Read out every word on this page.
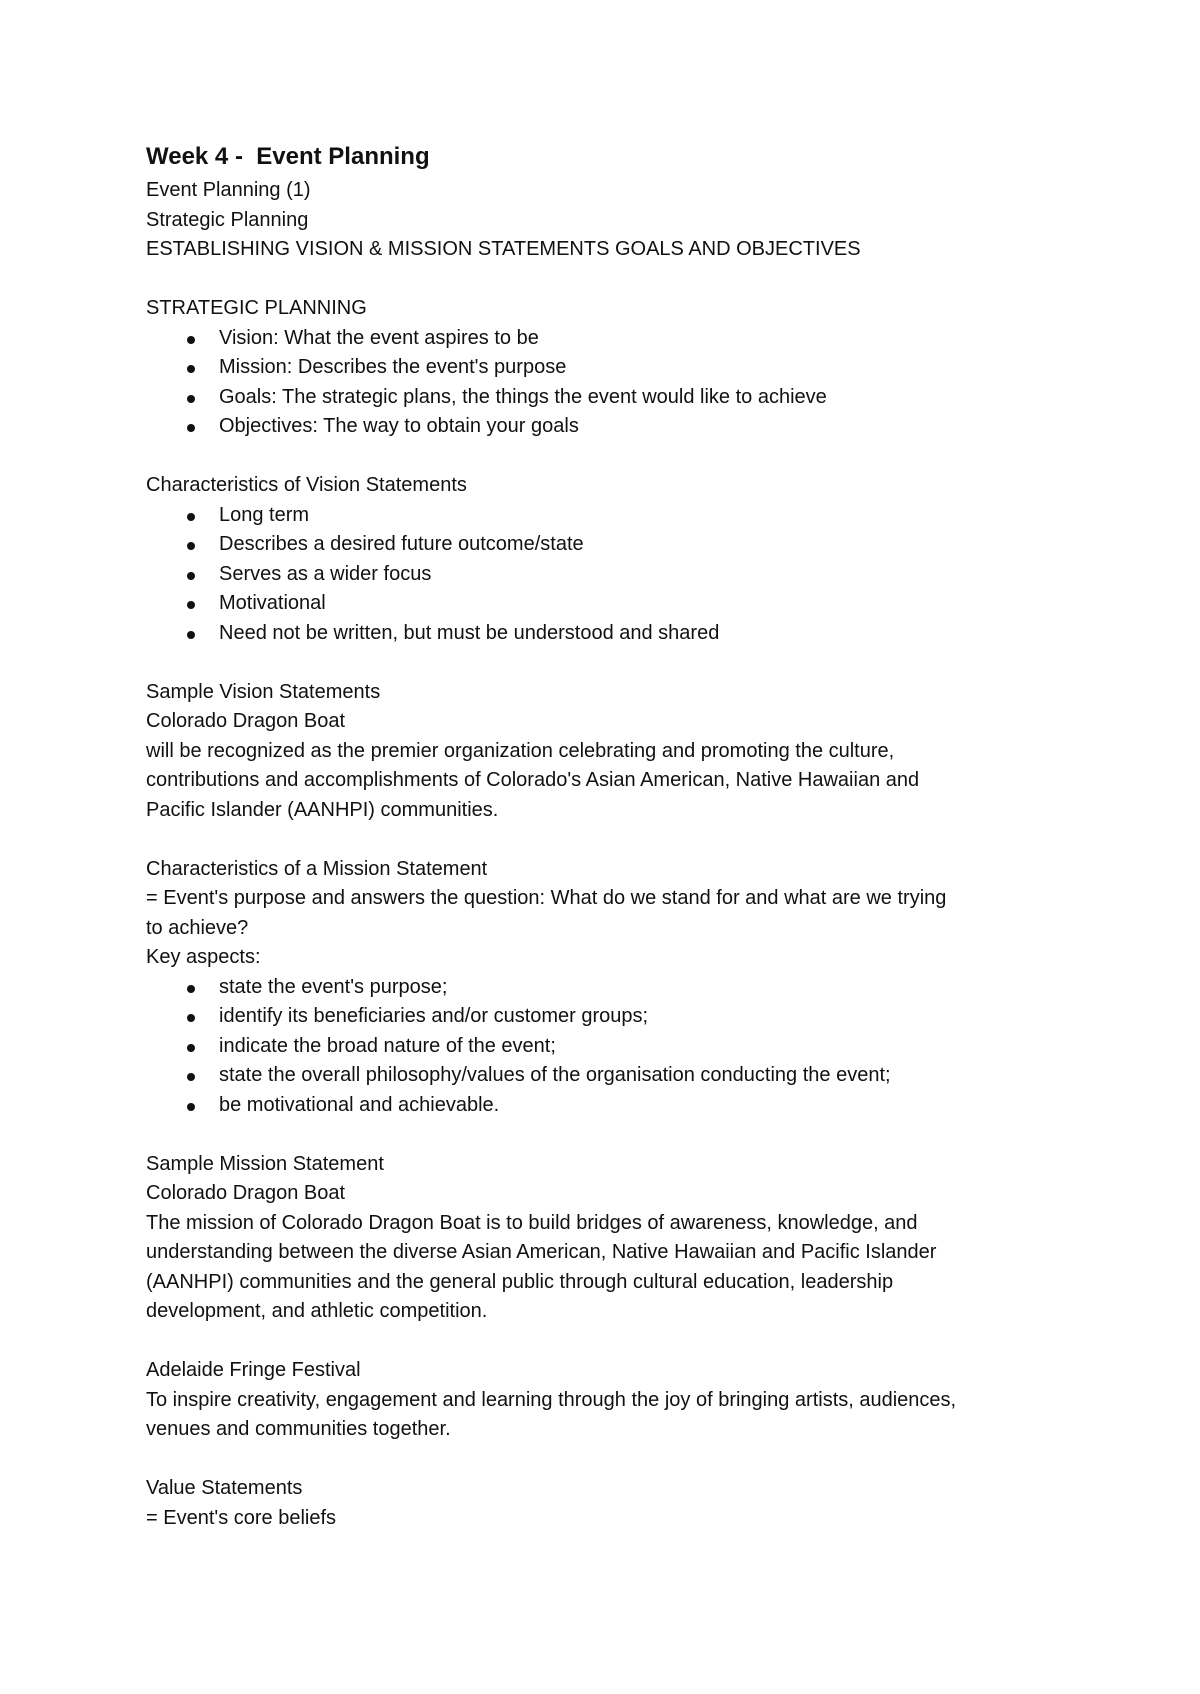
Week 4 -  Event Planning

Event Planning (1)

Strategic Planning

ESTABLISHING VISION & MISSION STATEMENTS GOALS AND OBJECTIVES

STRATEGIC PLANNING

Vision: What the event aspires to be
Mission: Describes the event's purpose
Goals: The strategic plans, the things the event would like to achieve
Objectives: The way to obtain your goals

Characteristics of Vision Statements

Long term
Describes a desired future outcome/state
Serves as a wider focus
Motivational
Need not be written, but must be understood and shared

Sample Vision Statements

Colorado Dragon Boat

will be recognized as the premier organization celebrating and promoting the culture,

contributions and accomplishments of Colorado's Asian American, Native Hawaiian and

Pacific Islander (AANHPI) communities.

Characteristics of a Mission Statement

= Event's purpose and answers the question: What do we stand for and what are we trying

to achieve?

Key aspects:

state the event's purpose;
identify its beneficiaries and/or customer groups;
indicate the broad nature of the event;
state the overall philosophy/values of the organisation conducting the event;
be motivational and achievable.

Sample Mission Statement

Colorado Dragon Boat

The mission of Colorado Dragon Boat is to build bridges of awareness, knowledge, and

understanding between the diverse Asian American, Native Hawaiian and Pacific Islander

(AANHPI) communities and the general public through cultural education, leadership

development, and athletic competition.

Adelaide Fringe Festival

To inspire creativity, engagement and learning through the joy of bringing artists, audiences,

venues and communities together.

Value Statements

= Event's core beliefs
